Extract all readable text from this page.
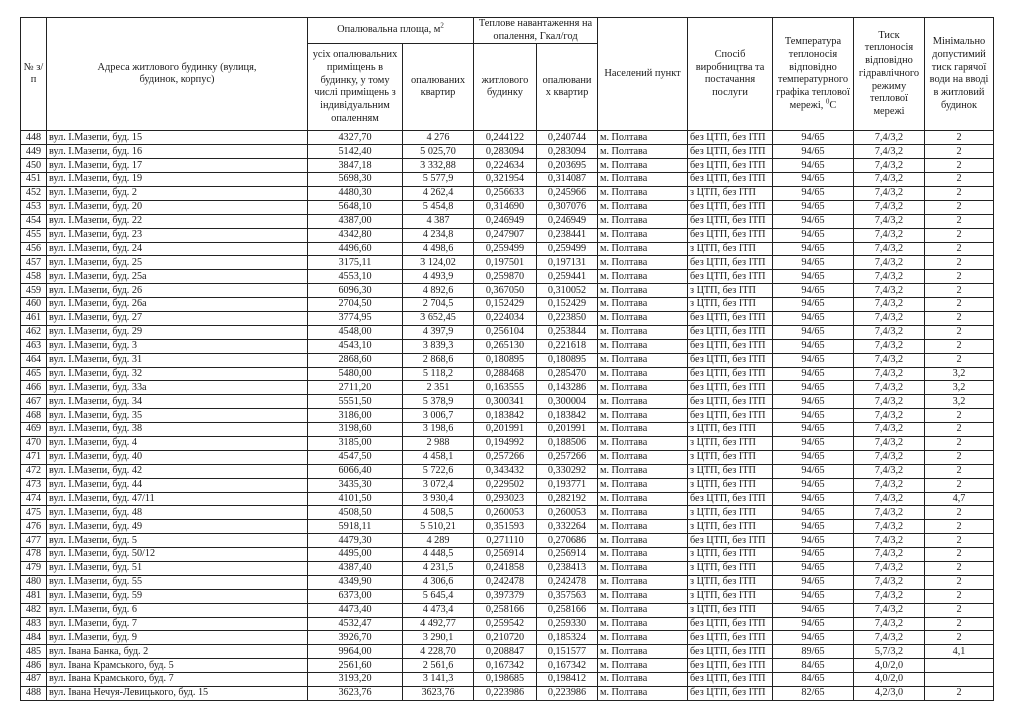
№ з/п	Адреса житлового будинку (вулиця, будинок, корпус)	Опалювальна площа, $м^2$		Теплове навантаження на опалення, Гкал/год		Населений пункт	Спосіб виробництва та постачання послуги	Температура теплоносія відповідно температурного графіка теплової мережі, $^0$С	Тиск теплоносія відповідно гідравлічного режиму теплової мережі	Мінімально допустимий тиск гарячої води на вводі в житловий будинок
		усіх опалювальних приміщень в будинку, у тому числі приміщень з індивідуальним опаленням	опалюваних квартир	житлового будинку	опалювани х квартир					
448	вул. І.Мазепи, буд. 15	4327,70	4 276	0,244122	0,240744	м. Полтава	без ЦТП, без ІТП	94/65	7,4/3,2	2
449	вул. І.Мазепи, буд. 16	5142,40	5 025,70	0,283094	0,283094	м. Полтава	без ЦТП, без ІТП	94/65	7,4/3,2	2
450	вул. І.Мазепи, буд. 17	3847,18	3 332,88	0,224634	0,203695	м. Полтава	без ЦТП, без ІТП	94/65	7,4/3,2	2
451	вул. І.Мазепи, буд. 19	5698,30	5 577,9	0,321954	0,314087	м. Полтава	без ЦТП, без ІТП	94/65	7,4/3,2	2
452	вул. І.Мазепи, буд. 2	4480,30	4 262,4	0,256633	0,245966	м. Полтава	з ЦТП, без ІТП	94/65	7,4/3,2	2
453	вул. І.Мазепи, буд. 20	5648,10	5 454,8	0,314690	0,307076	м. Полтава	без ЦТП, без ІТП	94/65	7,4/3,2	2
454	вул. І.Мазепи, буд. 22	4387,00	4 387	0,246949	0,246949	м. Полтава	без ЦТП, без ІТП	94/65	7,4/3,2	2
455	вул. І.Мазепи, буд. 23	4342,80	4 234,8	0,247907	0,238441	м. Полтава	без ЦТП, без ІТП	94/65	7,4/3,2	2
456	вул. І.Мазепи, буд. 24	4496,60	4 498,6	0,259499	0,259499	м. Полтава	з ЦТП, без ІТП	94/65	7,4/3,2	2
457	вул. І.Мазепи, буд. 25	3175,11	3 124,02	0,197501	0,197131	м. Полтава	без ЦТП, без ІТП	94/65	7,4/3,2	2
458	вул. І.Мазепи, буд. 25а	4553,10	4 493,9	0,259870	0,259441	м. Полтава	без ЦТП, без ІТП	94/65	7,4/3,2	2
459	вул. І.Мазепи, буд. 26	6096,30	4 892,6	0,367050	0,310052	м. Полтава	з ЦТП, без ІТП	94/65	7,4/3,2	2
460	вул. І.Мазепи, буд. 26а	2704,50	2 704,5	0,152429	0,152429	м. Полтава	з ЦТП, без ІТП	94/65	7,4/3,2	2
461	вул. І.Мазепи, буд. 27	3774,95	3 652,45	0,224034	0,223850	м. Полтава	без ЦТП, без ІТП	94/65	7,4/3,2	2
462	вул. І.Мазепи, буд. 29	4548,00	4 397,9	0,256104	0,253844	м. Полтава	без ЦТП, без ІТП	94/65	7,4/3,2	2
463	вул. І.Мазепи, буд. 3	4543,10	3 839,3	0,265130	0,221618	м. Полтава	без ЦТП, без ІТП	94/65	7,4/3,2	2
464	вул. І.Мазепи, буд. 31	2868,60	2 868,6	0,180895	0,180895	м. Полтава	без ЦТП, без ІТП	94/65	7,4/3,2	2
465	вул. І.Мазепи, буд. 32	5480,00	5 118,2	0,288468	0,285470	м. Полтава	без ЦТП, без ІТП	94/65	7,4/3,2	3,2
466	вул. І.Мазепи, буд. 33а	2711,20	2 351	0,163555	0,143286	м. Полтава	без ЦТП, без ІТП	94/65	7,4/3,2	3,2
467	вул. І.Мазепи, буд. 34	5551,50	5 378,9	0,300341	0,300004	м. Полтава	без ЦТП, без ІТП	94/65	7,4/3,2	3,2
468	вул. І.Мазепи, буд. 35	3186,00	3 006,7	0,183842	0,183842	м. Полтава	без ЦТП, без ІТП	94/65	7,4/3,2	2
469	вул. І.Мазепи, буд. 38	3198,60	3 198,6	0,201991	0,201991	м. Полтава	з ЦТП, без ІТП	94/65	7,4/3,2	2
470	вул. І.Мазепи, буд. 4	3185,00	2 988	0,194992	0,188506	м. Полтава	з ЦТП, без ІТП	94/65	7,4/3,2	2
471	вул. І.Мазепи, буд. 40	4547,50	4 458,1	0,257266	0,257266	м. Полтава	з ЦТП, без ІТП	94/65	7,4/3,2	2
472	вул. І.Мазепи, буд. 42	6066,40	5 722,6	0,343432	0,330292	м. Полтава	з ЦТП, без ІТП	94/65	7,4/3,2	2
473	вул. І.Мазепи, буд. 44	3435,30	3 072,4	0,229502	0,193771	м. Полтава	з ЦТП, без ІТП	94/65	7,4/3,2	2
474	вул. І.Мазепи, буд. 47/11	4101,50	3 930,4	0,293023	0,282192	м. Полтава	без ЦТП, без ІТП	94/65	7,4/3,2	4,7
475	вул. І.Мазепи, буд. 48	4508,50	4 508,5	0,260053	0,260053	м. Полтава	з ЦТП, без ІТП	94/65	7,4/3,2	2
476	вул. І.Мазепи, буд. 49	5918,11	5 510,21	0,351593	0,332264	м. Полтава	з ЦТП, без ІТП	94/65	7,4/3,2	2
477	вул. І.Мазепи, буд. 5	4479,30	4 289	0,271110	0,270686	м. Полтава	без ЦТП, без ІТП	94/65	7,4/3,2	2
478	вул. І.Мазепи, буд. 50/12	4495,00	4 448,5	0,256914	0,256914	м. Полтава	з ЦТП, без ІТП	94/65	7,4/3,2	2
479	вул. І.Мазепи, буд. 51	4387,40	4 231,5	0,241858	0,238413	м. Полтава	з ЦТП, без ІТП	94/65	7,4/3,2	2
480	вул. І.Мазепи, буд. 55	4349,90	4 306,6	0,242478	0,242478	м. Полтава	з ЦТП, без ІТП	94/65	7,4/3,2	2
481	вул. І.Мазепи, буд. 59	6373,00	5 645,4	0,397379	0,357563	м. Полтава	з ЦТП, без ІТП	94/65	7,4/3,2	2
482	вул. І.Мазепи, буд. 6	4473,40	4 473,4	0,258166	0,258166	м. Полтава	з ЦТП, без ІТП	94/65	7,4/3,2	2
483	вул. І.Мазепи, буд. 7	4532,47	4 492,77	0,259542	0,259330	м. Полтава	без ЦТП, без ІТП	94/65	7,4/3,2	2
484	вул. І.Мазепи, буд. 9	3926,70	3 290,1	0,210720	0,185324	м. Полтава	без ЦТП, без ІТП	94/65	7,4/3,2	2
485	вул. Івана Банка, буд. 2	9964,00	4 228,70	0,208847	0,151577	м. Полтава	без ЦТП, без ІТП	89/65	5,7/3,2	4,1
486	вул. Івана Крамського, буд. 5	2561,60	2 561,6	0,167342	0,167342	м. Полтава	без ЦТП, без ІТП	84/65	4,0/2,0	
487	вул. Івана Крамського, буд. 7	3193,20	3 141,3	0,198685	0,198412	м. Полтава	без ЦТП, без ІТП	84/65	4,0/2,0	
488	вул. Івана Нечуя-Левицького, буд. 15	3623,76	3623,76	0,223986	0,223986	м. Полтава	без ЦТП, без ІТП	82/65	4,2/3,0	2
